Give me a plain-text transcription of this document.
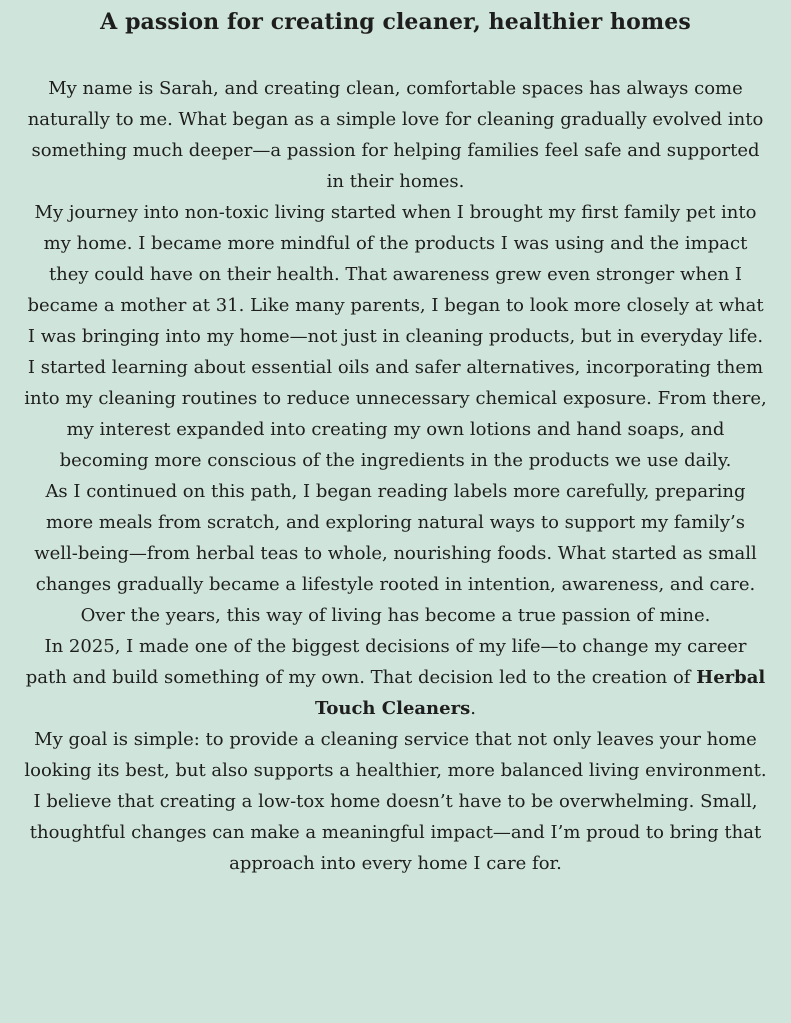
A passion for creating cleaner, healthier homes

My name is Sarah, and creating clean, comfortable spaces has always come naturally to me. What began as a simple love for cleaning gradually evolved into something much deeper—a passion for helping families feel safe and supported in their homes.

My journey into non-toxic living started when I brought my first family pet into my home. I became more mindful of the products I was using and the impact they could have on their health. That awareness grew even stronger when I became a mother at 31. Like many parents, I began to look more closely at what I was bringing into my home—not just in cleaning products, but in everyday life.

I started learning about essential oils and safer alternatives, incorporating them into my cleaning routines to reduce unnecessary chemical exposure. From there, my interest expanded into creating my own lotions and hand soaps, and becoming more conscious of the ingredients in the products we use daily.

As I continued on this path, I began reading labels more carefully, preparing more meals from scratch, and exploring natural ways to support my family’s well-being—from herbal teas to whole, nourishing foods. What started as small changes gradually became a lifestyle rooted in intention, awareness, and care.

Over the years, this way of living has become a true passion of mine.

In 2025, I made one of the biggest decisions of my life—to change my career path and build something of my own. That decision led to the creation of Herbal Touch Cleaners.

My goal is simple: to provide a cleaning service that not only leaves your home looking its best, but also supports a healthier, more balanced living environment.

I believe that creating a low-tox home doesn’t have to be overwhelming. Small, thoughtful changes can make a meaningful impact—and I’m proud to bring that approach into every home I care for.
